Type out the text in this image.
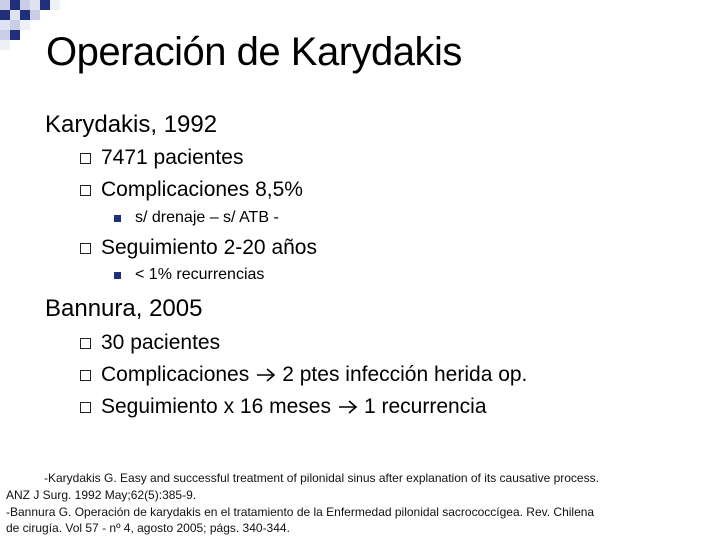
Operación de Karydakis
Karydakis, 1992
7471 pacientes
Complicaciones 8,5%
s/ drenaje – s/ ATB -
Seguimiento 2-20 años
< 1% recurrencias
Bannura, 2005
30 pacientes
Complicaciones 2 ptes infección herida op.
Seguimiento x 16 meses 1 recurrencia
-Karydakis G. Easy and successful treatment of pilonidal sinus after explanation of its causative process.
ANZ J Surg. 1992 May;62(5):385-9.
-Bannura G. Operación de karydakis en el tratamiento de la Enfermedad pilonidal sacrococcígea. Rev. Chilena
de cirugía. Vol 57 - nº 4, agosto 2005; págs. 340-344.
